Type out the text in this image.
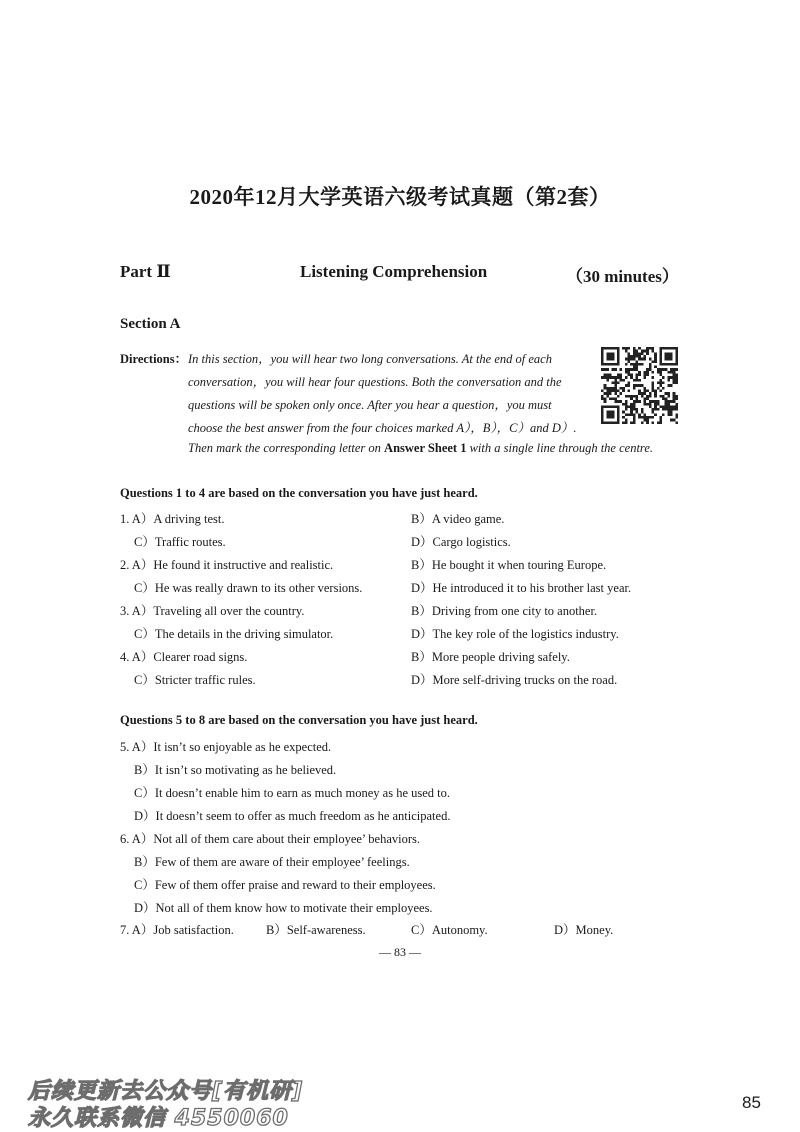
2020年12月大学英语六级考试真题（第2套）
Part Ⅱ	Listening Comprehension	（30 minutes）
Section A
Directions： In this section，you will hear two long conversations. At the end of each
conversation，you will hear four questions. Both the conversation and the
questions will be spoken only once. After you hear a question，you must
choose the best answer from the four choices marked A），B），C）and D）.
Then mark the corresponding letter on Answer Sheet 1 with a single line through the centre.
Questions 1 to 4 are based on the conversation you have just heard.
1. A）A driving test.	B）A video game.
C）Traffic routes.	D）Cargo logistics.
2. A）He found it instructive and realistic.	B）He bought it when touring Europe.
C）He was really drawn to its other versions.	D）He introduced it to his brother last year.
3. A）Traveling all over the country.	B）Driving from one city to another.
C）The details in the driving simulator.	D）The key role of the logistics industry.
4. A）Clearer road signs.	B）More people driving safely.
C）Stricter traffic rules.	D）More self-driving trucks on the road.
Questions 5 to 8 are based on the conversation you have just heard.
5. A）It isn’t so enjoyable as he expected.
B）It isn’t so motivating as he believed.
C）It doesn’t enable him to earn as much money as he used to.
D）It doesn’t seem to offer as much freedom as he anticipated.
6. A）Not all of them care about their employee’ behaviors.
B）Few of them are aware of their employee’ feelings.
C）Few of them offer praise and reward to their employees.
D）Not all of them know how to motivate their employees.
7. A）Job satisfaction.	B）Self-awareness.	C）Autonomy.	D）Money.
— 83 —
后续更新去公众号[有机研]
永久联系微信 4550060
85
